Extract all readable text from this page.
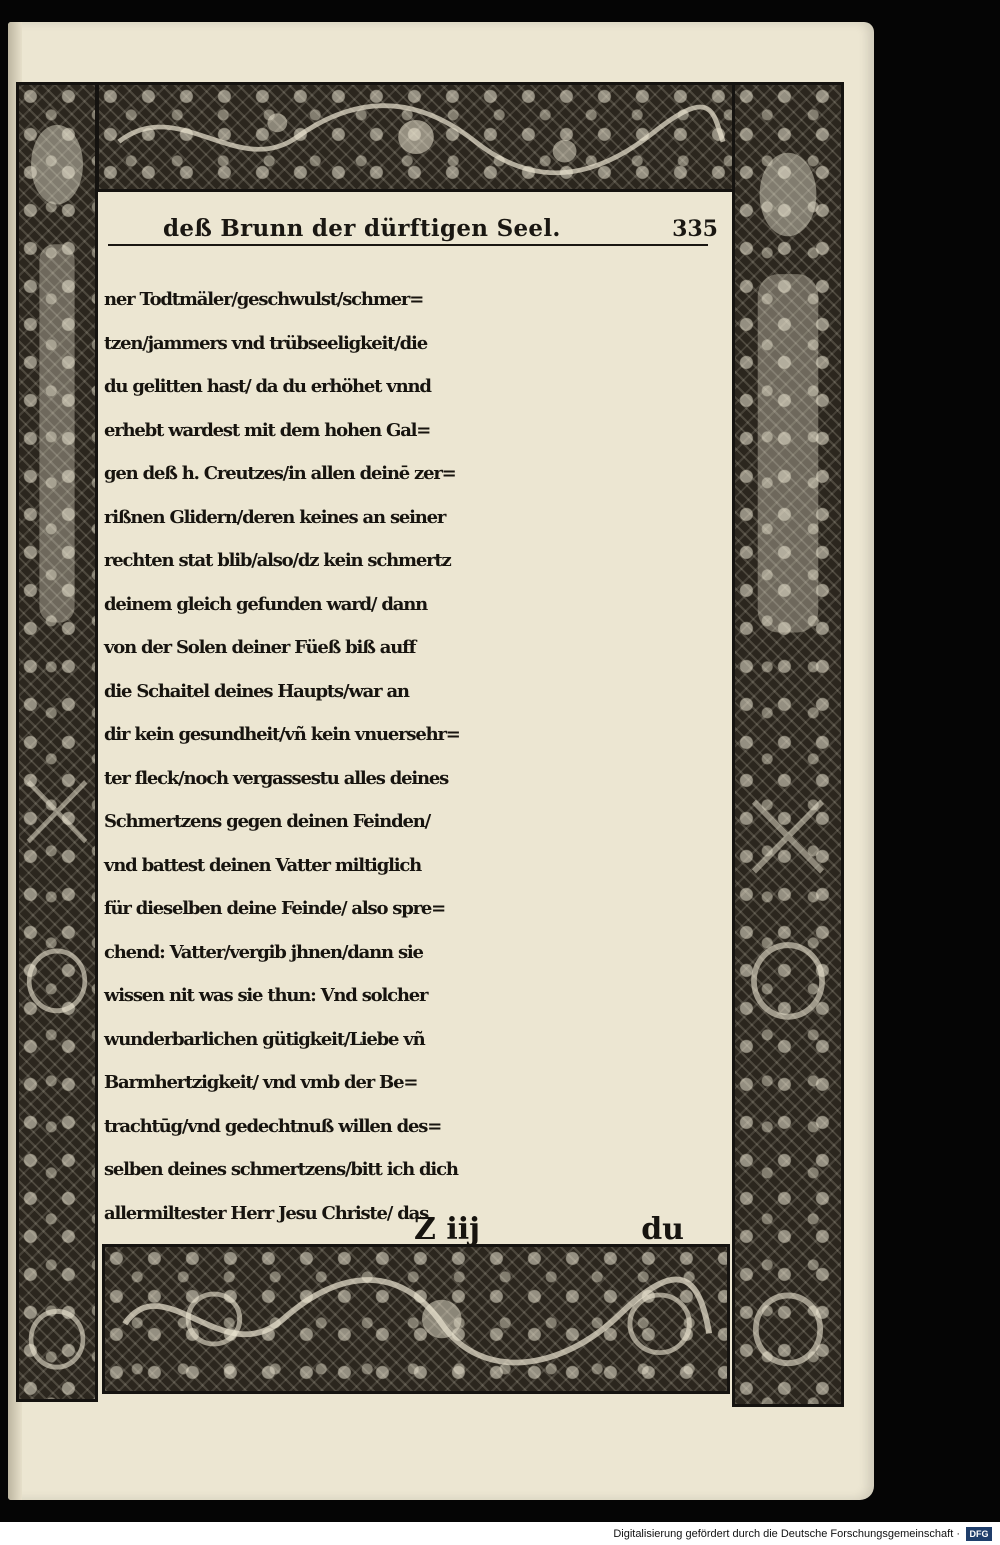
deß Brunn der dürftigen Seel.	335
ner Todtmäler/geschwulst/schmer=
tzen/jammers vnd trübseeligkeit/die
du gelitten hast/ da du erhöhet vnnd
erhebt wardest mit dem hohen Gal=
gen deß h. Creutzes/in allen deinē zer=
rißnen Glidern/deren keines an seiner
rechten stat blib/also/dz kein schmertz
deinem gleich gefunden ward/ dann
von der Solen deiner Füeß biß auff
die Schaitel deines Haupts/war an
dir kein gesundheit/vñ kein vnuersehr=
ter fleck/noch vergassestu alles deines
Schmertzens gegen deinen Feinden/
vnd battest deinen Vatter miltiglich
für dieselben deine Feinde/ also spre=
chend: Vatter/vergib jhnen/dann sie
wissen nit was sie thun: Vnd solcher
wunderbarlichen gütigkeit/Liebe vñ
Barmhertzigkeit/ vnd vmb der Be=
trachtūg/vnd gedechtnuß willen des=
selben deines schmertzens/bitt ich dich
allermiltester Herr Jesu Christe/ das
Z iij	du
Digitalisierung gefördert durch die Deutsche Forschungsgemeinschaft ·	DFG
